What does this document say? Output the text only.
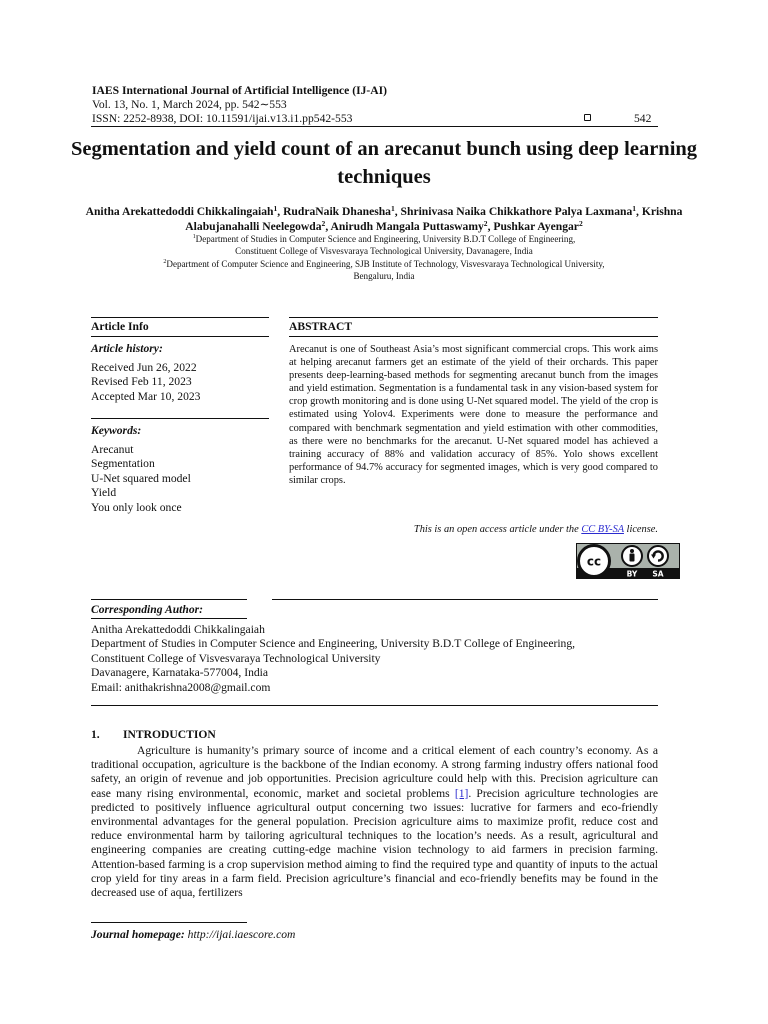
IAES International Journal of Artificial Intelligence (IJ-AI)
Vol. 13, No. 1, March 2024, pp. 542∼553
ISSN: 2252-8938, DOI: 10.11591/ijai.v13.i1.pp542-553	542
Segmentation and yield count of an arecanut bunch using deep learning techniques
Anitha Arekattedoddi Chikkalingaiah$^1$, RudraNaik Dhanesha$^1$, Shrinivasa Naika Chikkathore Palya Laxmana$^1$, Krishna Alabujanahalli Neelegowda$^2$, Anirudh Mangala Puttaswamy$^2$, Pushkar Ayengar$^2$
$^1$Department of Studies in Computer Science and Engineering, University B.D.T College of Engineering,
Constituent College of Visvesvaraya Technological University, Davanagere, India
$^2$Department of Computer Science and Engineering, SJB Institute of Technology, Visvesvaraya Technological University,
Bengaluru, India
Article Info
Article history:
Received Jun 26, 2022
Revised Feb 11, 2023
Accepted Mar 10, 2023
Keywords:
Arecanut
Segmentation
U-Net squared model
Yield
You only look once
ABSTRACT
Arecanut is one of Southeast Asia’s most significant commercial crops. This work aims at helping arecanut farmers get an estimate of the yield of their orchards. This paper presents deep-learning-based methods for segmenting arecanut bunch from the images and yield estimation. Segmentation is a fundamental task in any vision-based system for crop growth monitoring and is done using U-Net squared model. The yield of the crop is estimated using Yolov4. Experiments were done to measure the performance and compared with benchmark segmentation and yield estimation with other commodities, as there were no benchmarks for the arecanut. U-Net squared model has achieved a training accuracy of 88% and validation accuracy of 85%. Yolo shows excellent performance of 94.7% accuracy for segmented images, which is very good compared to similar crops.
This is an open access article under the CC BY-SA license.
cc
BY SA
Corresponding Author:
Anitha Arekattedoddi Chikkalingaiah
Department of Studies in Computer Science and Engineering, University B.D.T College of Engineering,
Constituent College of Visvesvaraya Technological University
Davanagere, Karnataka-577004, India
Email: anithakrishna2008@gmail.com
1. INTRODUCTION
Agriculture is humanity’s primary source of income and a critical element of each country’s economy. As a traditional occupation, agriculture is the backbone of the Indian economy. A strong farming industry offers national food safety, an origin of revenue and job opportunities. Precision agriculture could help with this. Precision agriculture can ease many rising environmental, economic, market and societal problems [1]. Precision agriculture technologies are predicted to positively influence agricultural output concerning two issues: lucrative for farmers and eco-friendly environmental advantages for the general population. Precision agriculture aims to maximize profit, reduce cost and reduce environmental harm by tailoring agricultural techniques to the location’s needs. As a result, agricultural and engineering companies are creating cutting-edge machine vision technology to aid farmers in precision farming. Attention-based farming is a crop supervision method aiming to find the required type and quantity of inputs to the actual crop yield for tiny areas in a farm field. Precision agriculture’s financial and eco-friendly benefits may be found in the decreased use of aqua, fertilizers
Journal homepage: http://ijai.iaescore.com
